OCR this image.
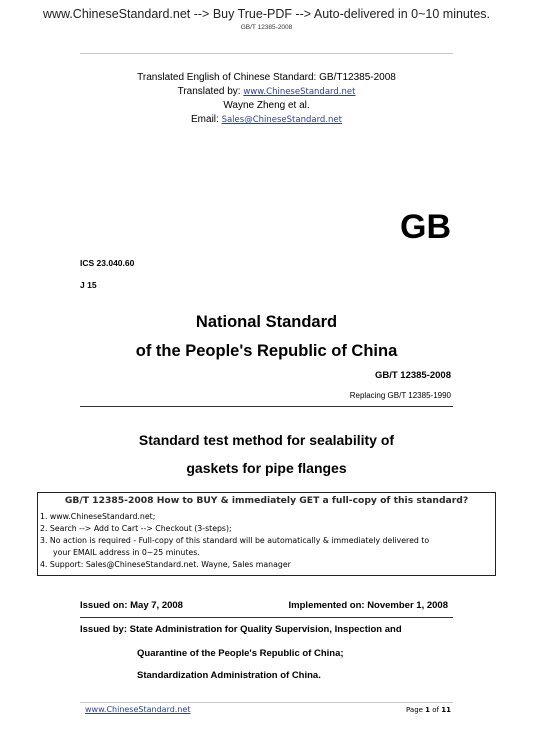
www.ChineseStandard.net --> Buy True-PDF --> Auto-delivered in 0~10 minutes.
GB/T 12385-2008
Translated English of Chinese Standard: GB/T12385-2008
Translated by: www.ChineseStandard.net
Wayne Zheng et al.
Email: Sales@ChineseStandard.net
GB
ICS 23.040.60
J 15
National Standard
of the People's Republic of China
GB/T 12385-2008
Replacing GB/T 12385-1990
Standard test method for sealability of
gaskets for pipe flanges
GB/T 12385-2008 How to BUY & immediately GET a full-copy of this standard?
1. www.ChineseStandard.net;
2. Search --> Add to Cart --> Checkout (3-steps);
3. No action is required - Full-copy of this standard will be automatically & immediately delivered to
your EMAIL address in 0~25 minutes.
4. Support: Sales@ChineseStandard.net. Wayne, Sales manager
Issued on: May 7, 2008	Implemented on: November 1, 2008
Issued by: State Administration for Quality Supervision, Inspection and
Quarantine of the People's Republic of China;
Standardization Administration of China.
www.ChineseStandard.net	Page 1 of 11
